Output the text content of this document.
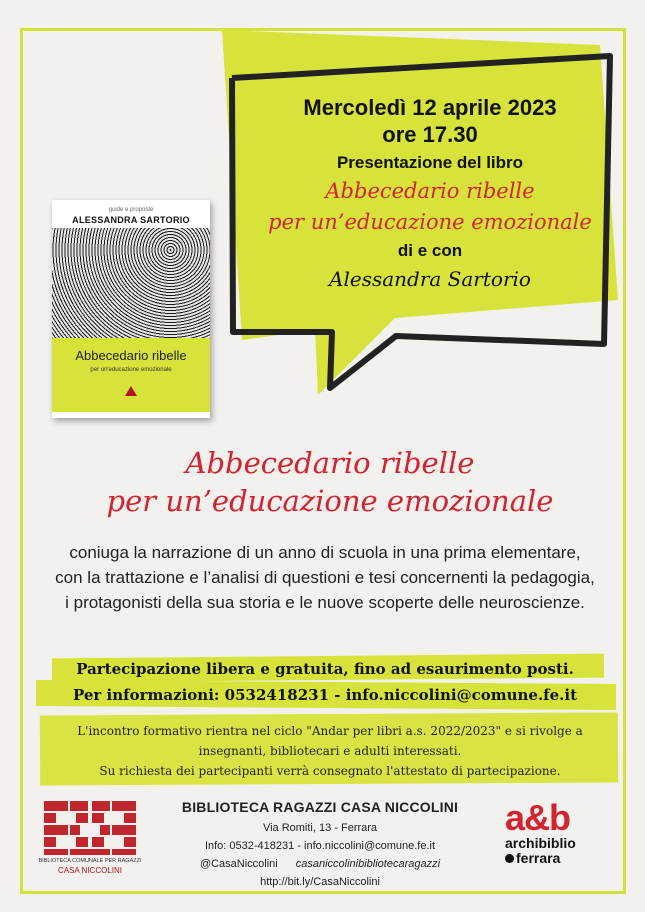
Mercoledì 12 aprile 2023
ore 17.30
Presentazione del libro
Abbecedario ribelle
per un’educazione emozionale
di e con
Alessandra Sartorio
guide e proposte
ALESSANDRA SARTORIO
Abbecedario ribelle
per un'educazione emozionale
Abbecedario ribelle
per un’educazione emozionale
coniuga la narrazione di un anno di scuola in una prima elementare, con la trattazione e l’analisi di questioni e tesi concernenti la pedagogia, i protagonisti della sua storia e le nuove scoperte delle neuroscienze.
Partecipazione libera e gratuita, fino ad esaurimento posti.
Per informazioni: 0532418231 - info.niccolini@comune.fe.it
L'incontro formativo rientra nel ciclo "Andar per libri a.s. 2022/2023" e si rivolge a
insegnanti, bibliotecari e adulti interessati.
Su richiesta dei partecipanti verrà consegnato l'attestato di partecipazione.
BIBLIOTECA COMUNALE PER RAGAZZI
CASA NICCOLINI
BIBLIOTECA RAGAZZI CASA NICCOLINI
Via Romiti, 13 - Ferrara
Info: 0532-418231 - info.niccolini@comune.fe.it
@CasaNiccolini casaniccolinibibliotecaragazzi
http://bit.ly/CasaNiccolini
a&b
archibiblio
ferrara
